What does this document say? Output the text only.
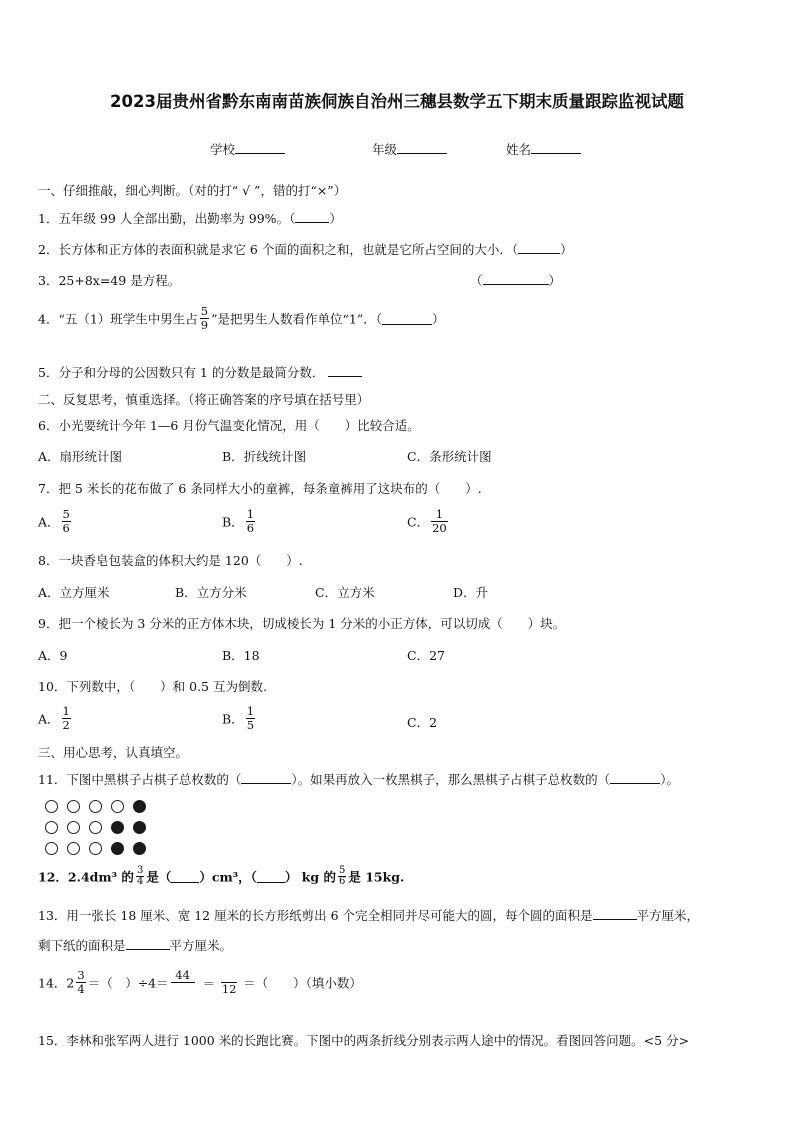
2023届贵州省黔东南南苗族侗族自治州三穗县数学五下期末质量跟踪监视试题
学校	年级	姓名
一、仔细推敲，细心判断。（对的打“ √ ”，错的打“×”）
1．五年级 99 人全部出勤，出勤率为 99%。（	）
2．长方体和正方体的表面积就是求它 6 个面的面积之和，也就是它所占空间的大小．（	）
3．25+8x=49 是方程。	（	）
4．“五（1）班学生中男生占 $\frac{5}{9}$ ”是把男生人数看作单位“1”．（	）
5．分子和分母的公因数只有 1 的分数是最简分数．
二、反复思考，慎重选择。（将正确答案的序号填在括号里）
6．小光要统计今年 1—6 月份气温变化情况，用（　　）比较合适。
A．扇形统计图	B．折线统计图	C．条形统计图
7．把 5 米长的花布做了 6 条同样大小的童裤，每条童裤用了这块布的（　　）.
A． $\frac{5}{6}$	B． $\frac{1}{6}$	C． $\frac{1}{20}$
8．一块香皂包装盒的体积大约是 120（　　）.
A．立方厘米	B．立方分米	C．立方米	D．升
9．把一个棱长为 3 分米的正方体木块，切成棱长为 1 分米的小正方体，可以切成（　　）块。
A．9	B．18	C．27
10．下列数中，（　　）和 0.5 互为倒数.
A． $\frac{1}{2}$	B． $\frac{1}{5}$	C．2
三、用心思考，认真填空。
11．下图中黑棋子占棋子总枚数的（	）。如果再放入一枚黑棋子，那么黑棋子占棋子总枚数的（	）。
12．2.4dm³ 的 $\frac{3}{4}$ 是（ ）cm³，（ ） kg 的 $\frac{5}{6}$ 是 15kg.
13．用一张长 18 厘米、宽 12 厘米的长方形纸剪出 6 个完全相同并尽可能大的圆，每个圆的面积是	平方厘米，
剩下纸的面积是	平方厘米。
14．$2 \frac{3}{4}$ ＝（　）÷4＝
44
＝ 12 ＝（　　）（填小数）
15．李林和张军两人进行 1000 米的长跑比赛。下图中的两条折线分别表示两人途中的情况。看图回答问题。<5 分>
